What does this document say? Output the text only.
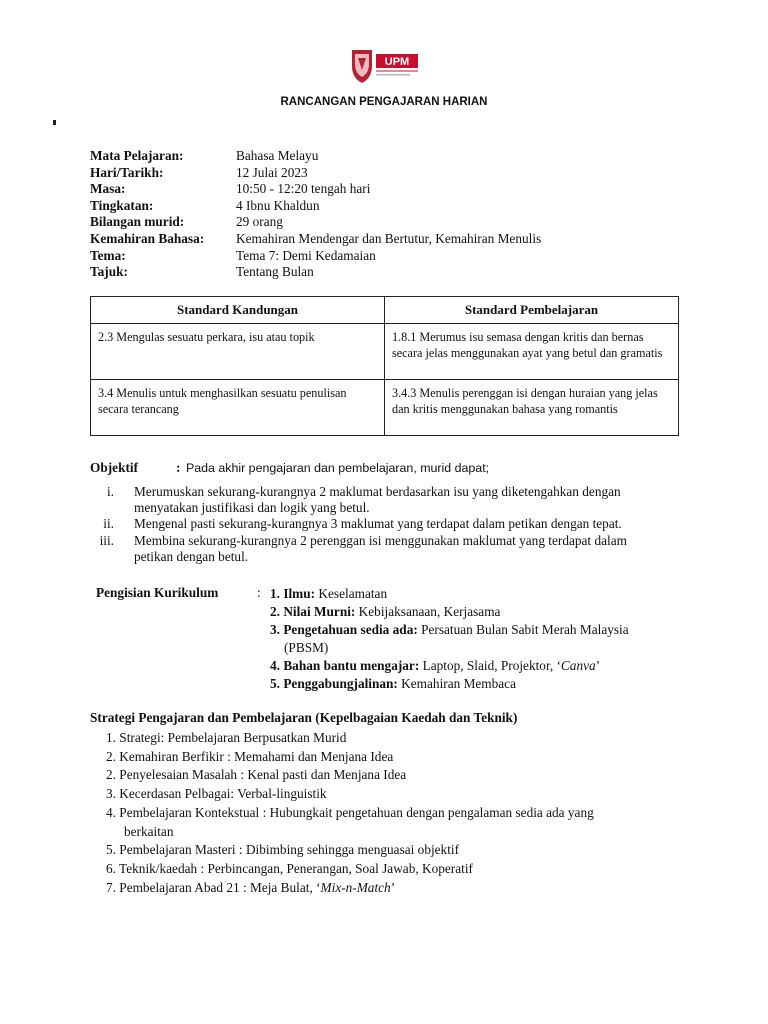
UPM
RANCANGAN PENGAJARAN HARIAN
Mata Pelajaran:	Bahasa Melayu
Hari/Tarikh:	12 Julai 2023
Masa:	10:50 - 12:20 tengah hari
Tingkatan:	4 Ibnu Khaldun
Bilangan murid:	29 orang
Kemahiran Bahasa: Kemahiran Mendengar dan Bertutur, Kemahiran Menulis
Tema:	Tema 7: Demi Kedamaian
Tajuk:	Tentang Bulan
Standard Kandungan	Standard Pembelajaran
2.3 Mengulas sesuatu perkara, isu atau topik	1.8.1 Merumus isu semasa dengan kritis dan bernas secara jelas menggunakan ayat yang betul dan gramatis
3.4 Menulis untuk menghasilkan sesuatu penulisan secara terancang	3.4.3 Menulis perenggan isi dengan huraian yang jelas dan kritis menggunakan bahasa yang romantis
Objektif	: Pada akhir pengajaran dan pembelajaran, murid dapat;
i. Merumuskan sekurang-kurangnya 2 maklumat berdasarkan isu yang diketengahkan dengan menyatakan justifikasi dan logik yang betul.
ii. Mengenal pasti sekurang-kurangnya 3 maklumat yang terdapat dalam petikan dengan tepat.
iii. Membina sekurang-kurangnya 2 perenggan isi menggunakan maklumat yang terdapat dalam petikan dengan betul.
Pengisian Kurikulum	: 1. Ilmu: Keselamatan
2. Nilai Murni: Kebijaksanaan, Kerjasama
3. Pengetahuan sedia ada: Persatuan Bulan Sabit Merah Malaysia
(PBSM)
4. Bahan bantu mengajar: Laptop, Slaid, Projektor, ‘Canva’
5. Penggabungjalinan: Kemahiran Membaca
Strategi Pengajaran dan Pembelajaran (Kepelbagaian Kaedah dan Teknik)
1. Strategi: Pembelajaran Berpusatkan Murid
2. Kemahiran Berfikir : Memahami dan Menjana Idea
2. Penyelesaian Masalah : Kenal pasti dan Menjana Idea
3. Kecerdasan Pelbagai: Verbal-linguistik
4. Pembelajaran Kontekstual : Hubungkait pengetahuan dengan pengalaman sedia ada yang
berkaitan
5. Pembelajaran Masteri : Dibimbing sehingga menguasai objektif
6. Teknik/kaedah : Perbincangan, Penerangan, Soal Jawab, Koperatif
7. Pembelajaran Abad 21 : Meja Bulat, ‘Mix-n-Match’
